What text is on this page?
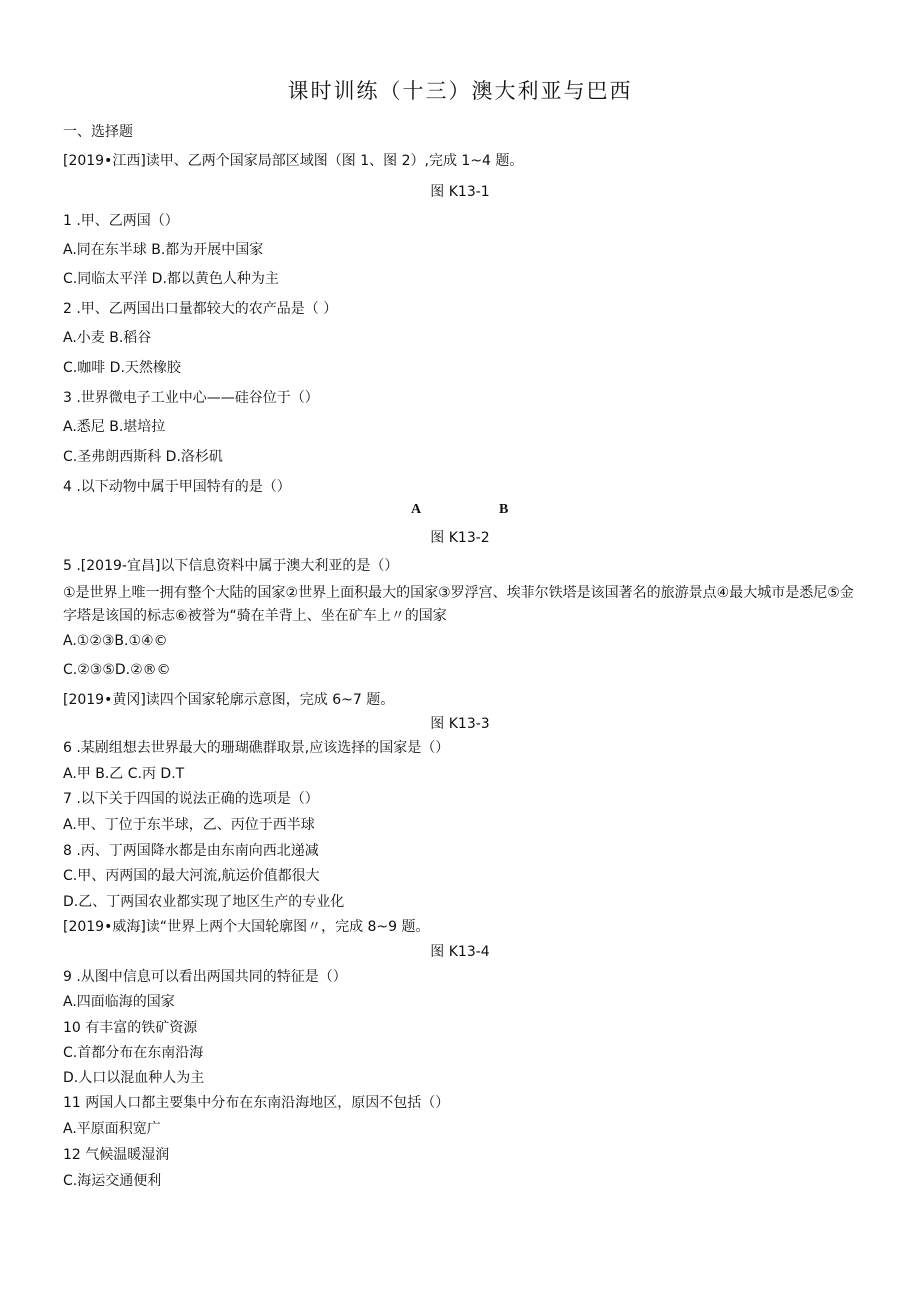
课时训练（十三）澳大利亚与巴西
一、选择题
[2019•江西]读甲、乙两个国家局部区域图（图 1、图 2）,完成 1~4 题。
图 K13-1
1 .甲、乙两国（）
A.同在东半球 B.都为开展中国家
C.同临太平洋 D.都以黄色人种为主
2 .甲、乙两国出口量都较大的农产品是（ ）
A.小麦 B.稻谷
C.咖啡 D.天然橡胶
3 .世界微电子工业中心——硅谷位于（）
A.悉尼 B.堪培拉
C.圣弗朗西斯科 D.洛杉矶
4 .以下动物中属于甲国特有的是（）
A	B
图 K13-2
5 .[2019-宜昌]以下信息资料中属于澳大利亚的是（）
①是世界上唯一拥有整个大陆的国家②世界上面积最大的国家③罗浮宫、埃菲尔铁塔是该国著名的旅游景点④最大城市是悉尼⑤金字塔是该国的标志⑥被誉为“骑在羊背上、坐在矿车上〃的国家
A.①②③B.①④©
C.②③⑤D.②®©
[2019•黄冈]读四个国家轮廓示意图，完成 6~7 题。
图 K13-3
6 .某剧组想去世界最大的珊瑚礁群取景,应该选择的国家是（）
A.甲 B.乙 C.丙 D.T
7 .以下关于四国的说法正确的选项是（）
A.甲、丁位于东半球，乙、丙位于西半球
8 .丙、丁两国降水都是由东南向西北递减
C.甲、丙两国的最大河流,航运价值都很大
D.乙、丁两国农业都实现了地区生产的专业化
[2019•威海]读“世界上两个大国轮廓图〃，完成 8~9 题。
图 K13-4
9 .从图中信息可以看出两国共同的特征是（）
A.四面临海的国家
10 有丰富的铁矿资源
C.首都分布在东南沿海
D.人口以混血种人为主
11 两国人口都主要集中分布在东南沿海地区，原因不包括（）
A.平原面积宽广
12 气候温暖湿润
C.海运交通便利
